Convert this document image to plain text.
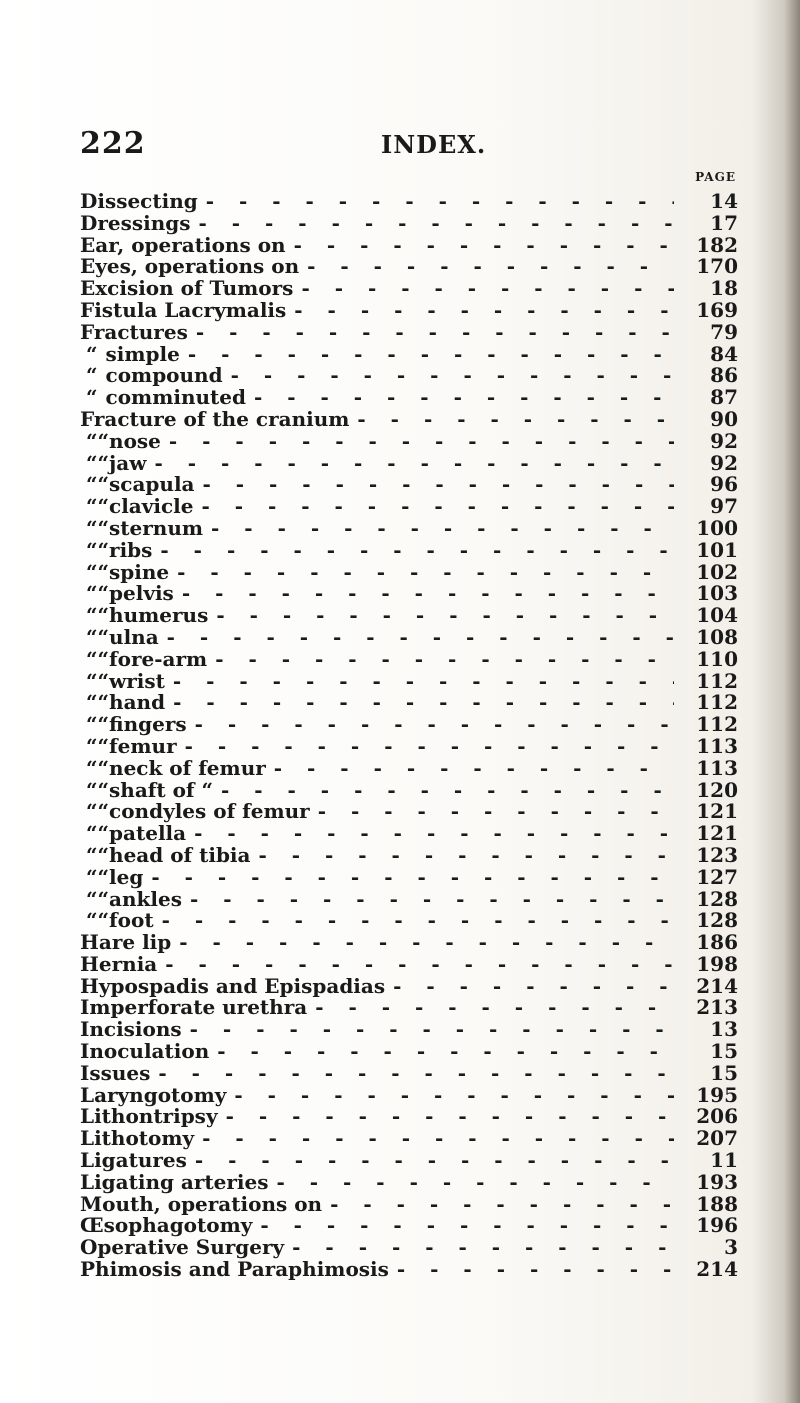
222	INDEX.
PAGE
Dissecting - - -	14
Dressings - - -	17
Ear, operations on - - -	182
Eyes, operations on - - -	170
Excision of Tumors - - -	18
Fistula Lacrymalis - - -	169
Fractures - - -	79
“ simple - - -	84
“ compound - - -	86
“ comminuted - - -	87
Fracture of the cranium - - -	90
“ “ nose - - -	92
“ “ jaw - - -	92
“ “ scapula - - -	96
“ “ clavicle - - -	97
“ “ sternum - - -	100
“ “ ribs - - -	101
“ “ spine - - -	102
“ “ pelvis - - -	103
“ “ humerus - - -	104
“ “ ulna - - -	108
“ “ fore-arm - - -	110
“ “ wrist - - -	112
“ “ hand - - -	112
“ “ fingers - - -	112
“ “ femur - - -	113
“ “ neck of femur - - -	113
“ “ shaft of “ - - -	120
“ “ condyles of femur - - -	121
“ “ patella - - -	121
“ “ head of tibia - - -	123
“ “ leg - - -	127
“ “ ankles - - -	128
“ “ foot - - -	128
Hare lip - - -	186
Hernia - - -	198
Hypospadis and Epispadias - - -	214
Imperforate urethra - - -	213
Incisions - - -	13
Inoculation - - -	15
Issues - - -	15
Laryngotomy - - -	195
Lithontripsy - - -	206
Lithotomy - - -	207
Ligatures - - -	11
Ligating arteries - - -	193
Mouth, operations on - - -	188
Œsophagotomy - - -	196
Operative Surgery - - -	3
Phimosis and Paraphimosis - - -	214
